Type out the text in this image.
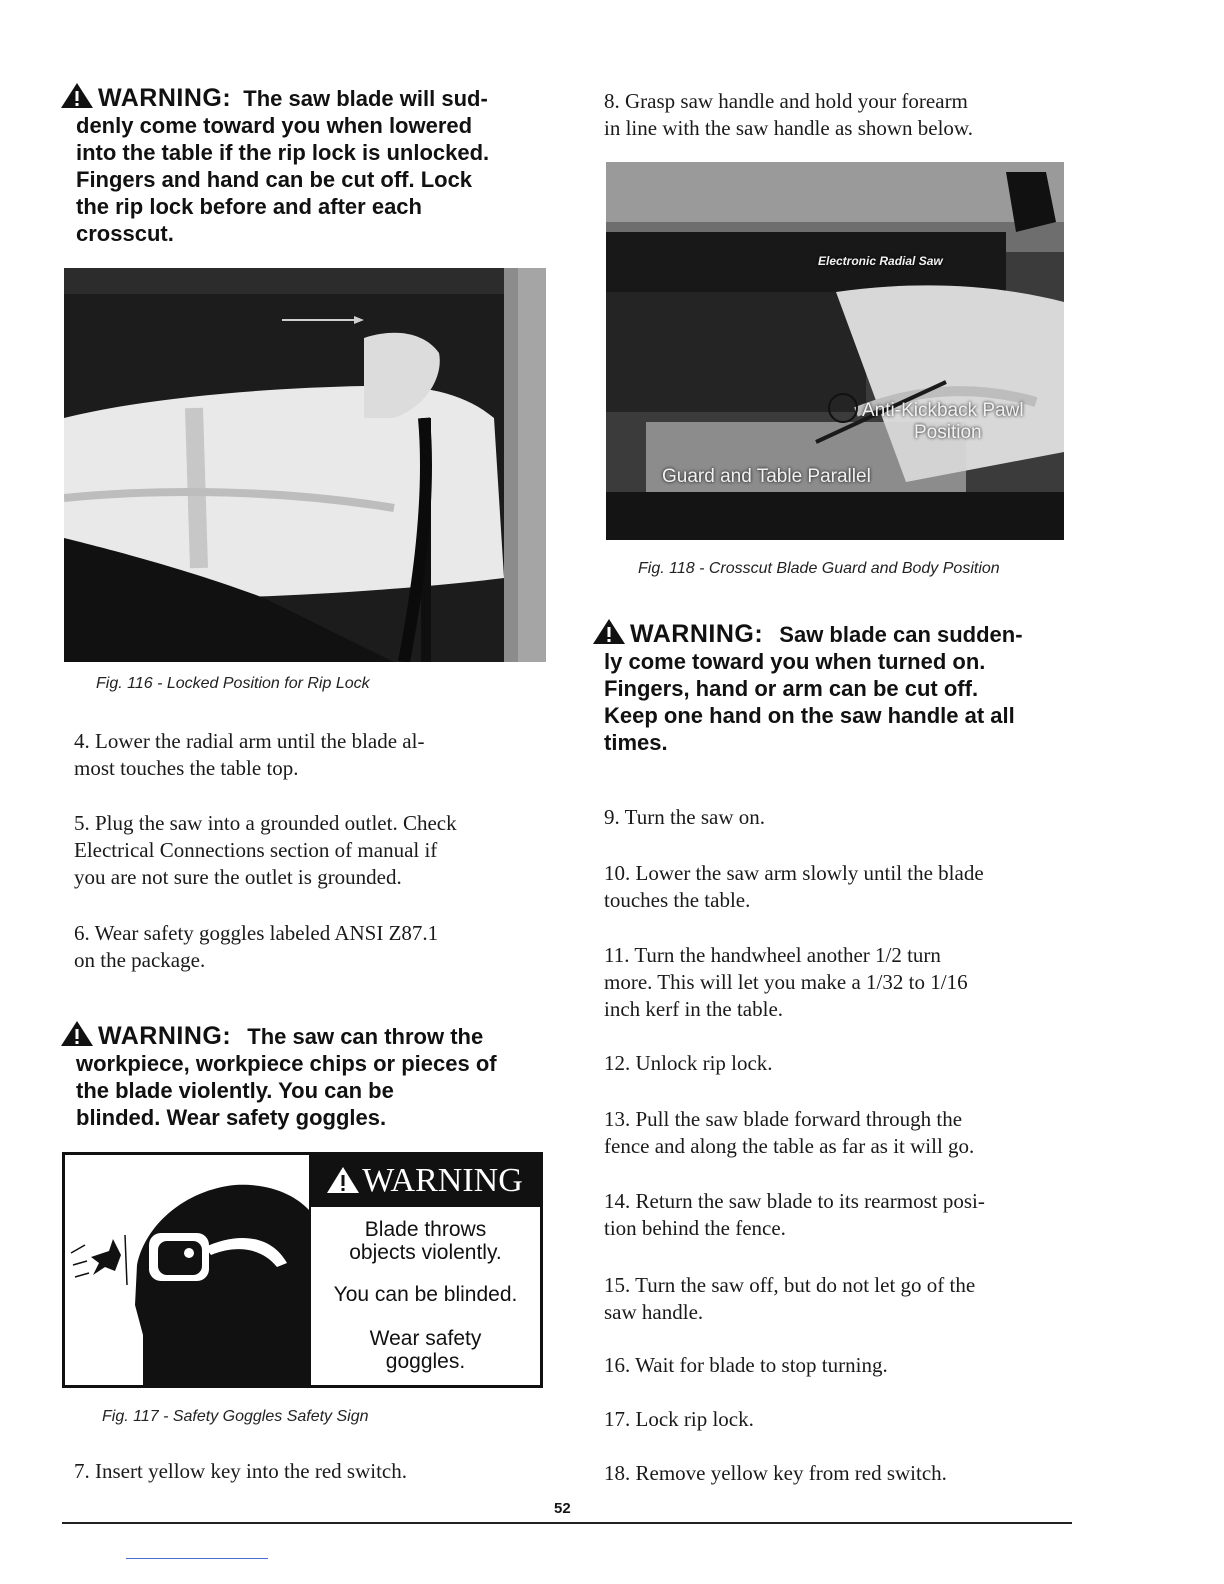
WARNING: The saw blade will sud-
denly come toward you when lowered
into the table if the rip lock is unlocked.
Fingers and hand can be cut off. Lock
the rip lock before and after each
crosscut.
Fig. 116 - Locked Position for Rip Lock
4. Lower the radial arm until the blade al-
most touches the table top.
5. Plug the saw into a grounded outlet. Check
Electrical Connections section of manual if
you are not sure the outlet is grounded.
6. Wear safety goggles labeled ANSI Z87.1
on the package.
WARNING: The saw can throw the
workpiece, workpiece chips or pieces of
the blade violently. You can be
blinded. Wear safety goggles.
WARNING
Blade throws
objects violently.
You can be blinded.
Wear safety
goggles.
Fig. 117 - Safety Goggles Safety Sign
7. Insert yellow key into the red switch.
8. Grasp saw handle and hold your forearm
in line with the saw handle as shown below.
Electronic Radial Saw
Anti-Kickback Pawl
Position
Guard and Table Parallel
Fig. 118 - Crosscut Blade Guard and Body Position
WARNING: Saw blade can sudden-
ly come toward you when turned on.
Fingers, hand or arm can be cut off.
Keep one hand on the saw handle at all
times.
9. Turn the saw on.
10. Lower the saw arm slowly until the blade
touches the table.
11. Turn the handwheel another 1/2 turn
more. This will let you make a 1/32 to 1/16
inch kerf in the table.
12. Unlock rip lock.
13. Pull the saw blade forward through the
fence and along the table as far as it will go.
14. Return the saw blade to its rearmost posi-
tion behind the fence.
15. Turn the saw off, but do not let go of the
saw handle.
16. Wait for blade to stop turning.
17. Lock rip lock.
18. Remove yellow key from red switch.
52
